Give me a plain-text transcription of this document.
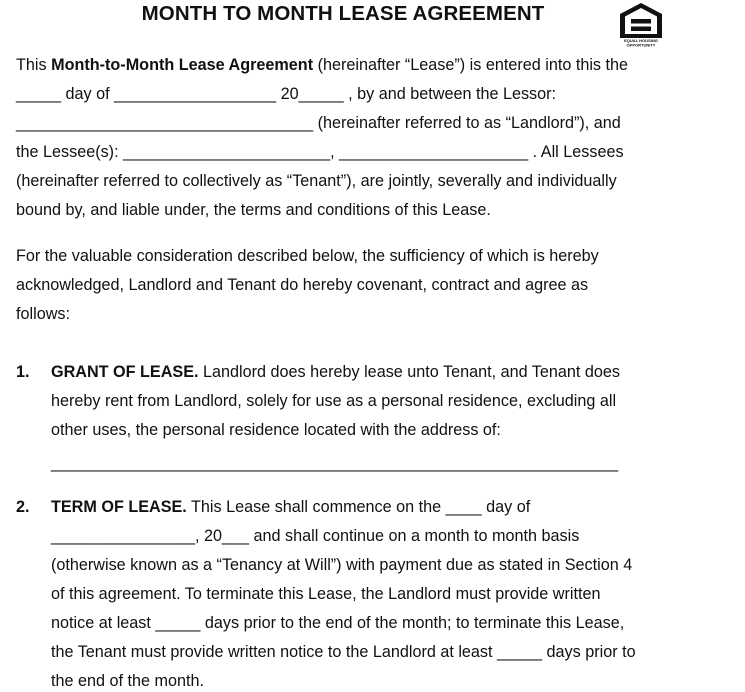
MONTH TO MONTH LEASE AGREEMENT
EQUAL HOUSING
OPPORTUNITY
This Month-to-Month Lease Agreement (hereinafter “Lease”) is entered into this the
_____ day of __________________ 20_____ , by and between the Lessor:
_________________________________ (hereinafter referred to as “Landlord”), and
the Lessee(s): _______________________, _____________________ . All Lessees
(hereinafter referred to collectively as “Tenant”), are jointly, severally and individually
bound by, and liable under, the terms and conditions of this Lease.
For the valuable consideration described below, the sufficiency of which is hereby
acknowledged, Landlord and Tenant do hereby covenant, contract and agree as
follows:
1. GRANT OF LEASE. Landlord does hereby lease unto Tenant, and Tenant does
hereby rent from Landlord, solely for use as a personal residence, excluding all
other uses, the personal residence located with the address of:
_______________________________________________________________
2. TERM OF LEASE. This Lease shall commence on the ____ day of
________________, 20___ and shall continue on a month to month basis
(otherwise known as a “Tenancy at Will”) with payment due as stated in Section 4
of this agreement. To terminate this Lease, the Landlord must provide written
notice at least _____ days prior to the end of the month; to terminate this Lease,
the Tenant must provide written notice to the Landlord at least _____ days prior to
the end of the month.
